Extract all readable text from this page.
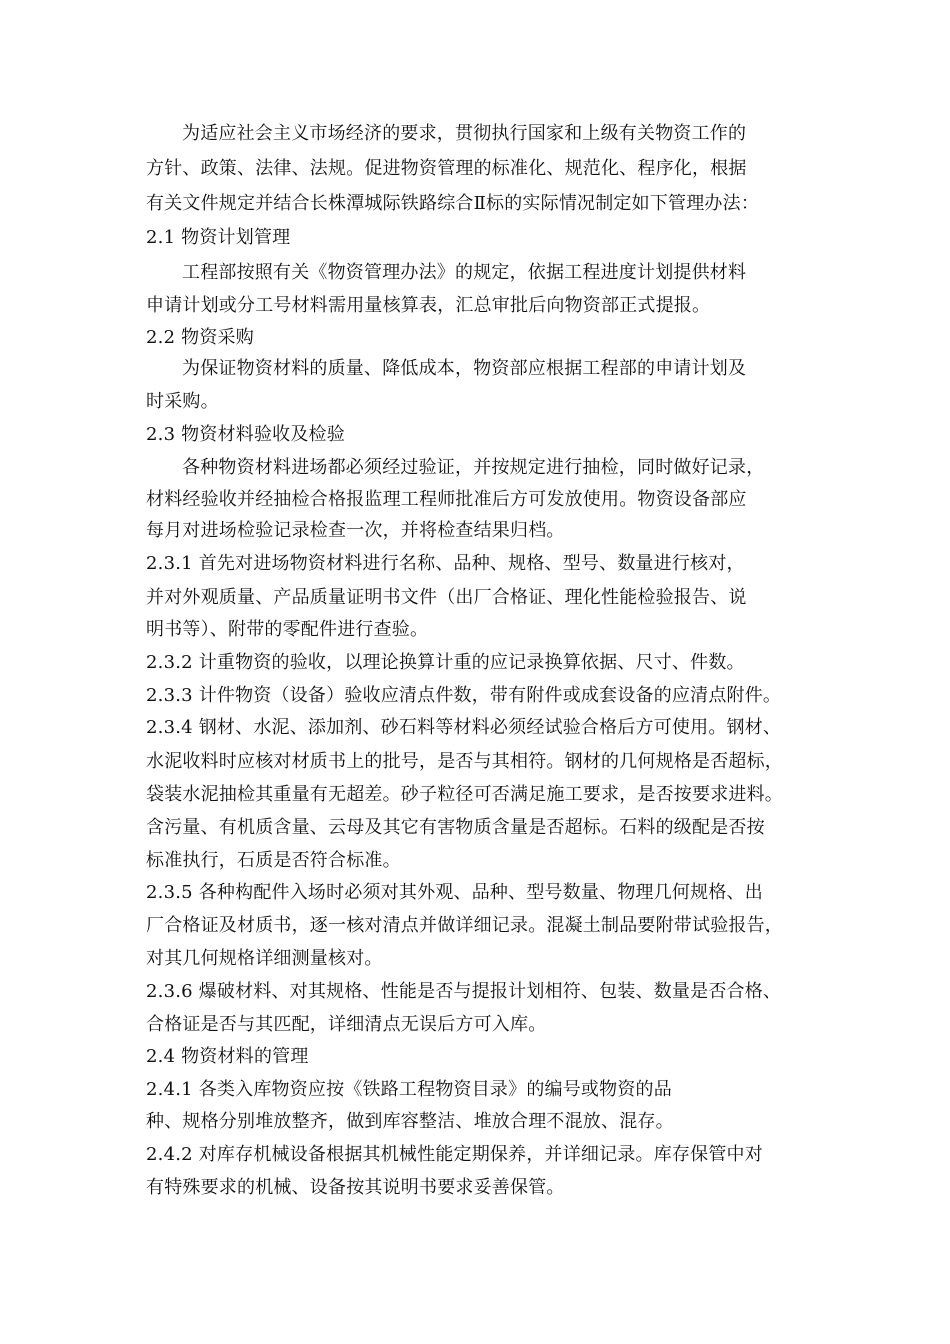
为适应社会主义市场经济的要求，贯彻执行国家和上级有关物资工作的
方针、政策、法律、法规。促进物资管理的标准化、规范化、程序化，根据
有关文件规定并结合长株潭城际铁路综合Ⅱ标的实际情况制定如下管理办法：
2.1 物资计划管理
工程部按照有关《物资管理办法》的规定，依据工程进度计划提供材料
申请计划或分工号材料需用量核算表，汇总审批后向物资部正式提报。
2.2 物资采购
为保证物资材料的质量、降低成本，物资部应根据工程部的申请计划及
时采购。
2.3 物资材料验收及检验
各种物资材料进场都必须经过验证，并按规定进行抽检，同时做好记录，
材料经验收并经抽检合格报监理工程师批准后方可发放使用。物资设备部应
每月对进场检验记录检查一次，并将检查结果归档。
2.3.1 首先对进场物资材料进行名称、品种、规格、型号、数量进行核对，
并对外观质量、产品质量证明书文件（出厂合格证、理化性能检验报告、说
明书等）、附带的零配件进行查验。
2.3.2 计重物资的验收，以理论换算计重的应记录换算依据、尺寸、件数。
2.3.3 计件物资（设备）验收应清点件数，带有附件或成套设备的应清点附件。
2.3.4 钢材、水泥、添加剂、砂石料等材料必须经试验合格后方可使用。钢材、
水泥收料时应核对材质书上的批号，是否与其相符。钢材的几何规格是否超标，
袋装水泥抽检其重量有无超差。砂子粒径可否满足施工要求，是否按要求进料。
含污量、有机质含量、云母及其它有害物质含量是否超标。石料的级配是否按
标准执行，石质是否符合标准。
2.3.5 各种构配件入场时必须对其外观、品种、型号数量、物理几何规格、出
厂合格证及材质书，逐一核对清点并做详细记录。混凝土制品要附带试验报告，
对其几何规格详细测量核对。
2.3.6 爆破材料、对其规格、性能是否与提报计划相符、包装、数量是否合格、
合格证是否与其匹配，详细清点无误后方可入库。
2.4 物资材料的管理
2.4.1 各类入库物资应按《铁路工程物资目录》的编号或物资的品
种、规格分别堆放整齐，做到库容整洁、堆放合理不混放、混存。
2.4.2 对库存机械设备根据其机械性能定期保养，并详细记录。库存保管中对
有特殊要求的机械、设备按其说明书要求妥善保管。
